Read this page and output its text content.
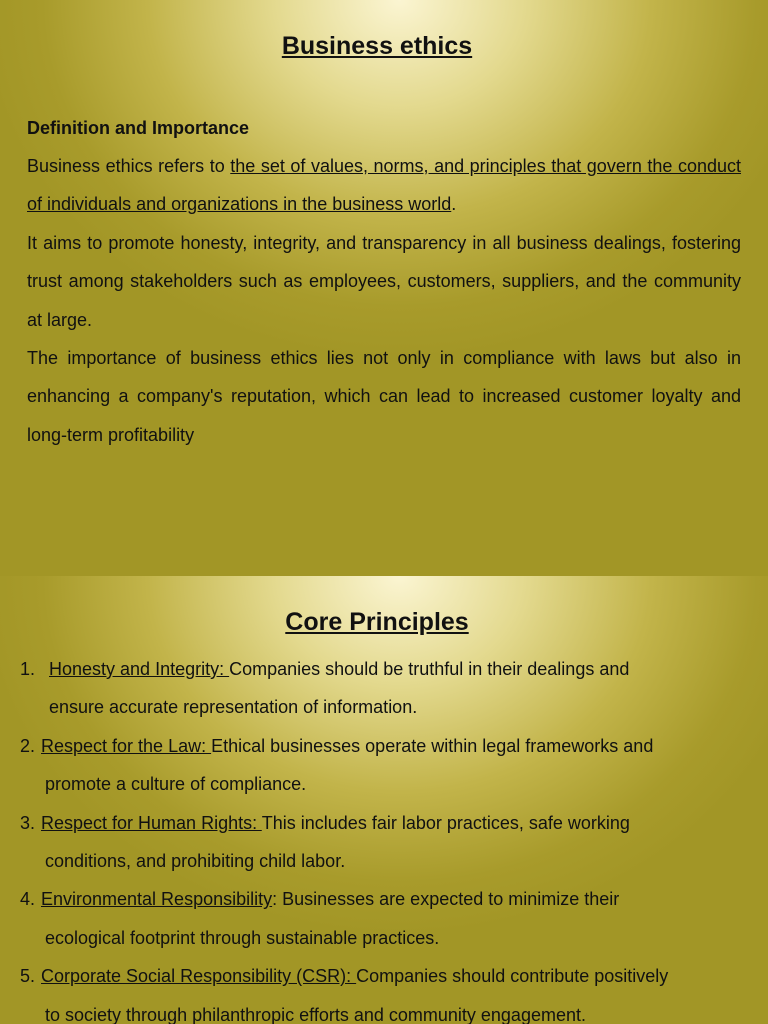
Business ethics
Definition and Importance

Business ethics refers to the set of values, norms, and principles that govern the conduct of individuals and organizations in the business world.

It aims to promote honesty, integrity, and transparency in all business dealings, fostering trust among stakeholders such as employees, customers, suppliers, and the community at large.

The importance of business ethics lies not only in compliance with laws but also in enhancing a company's reputation, which can lead to increased customer loyalty and long-term profitability

Core Principles
1. Honesty and Integrity: Companies should be truthful in their dealings and
ensure accurate representation of information.
2. Respect for the Law: Ethical businesses operate within legal frameworks and
promote a culture of compliance.
3. Respect for Human Rights: This includes fair labor practices, safe working
conditions, and prohibiting child labor.
4. Environmental Responsibility: Businesses are expected to minimize their
ecological footprint through sustainable practices.
5. Corporate Social Responsibility (CSR): Companies should contribute positively
to society through philanthropic efforts and community engagement.
